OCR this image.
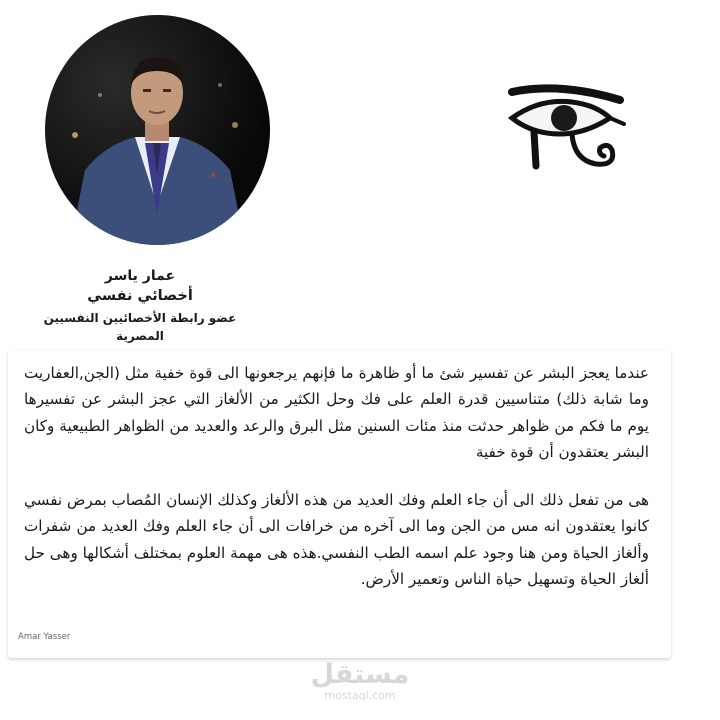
عمار ياسر
أخصائي نفسي
عضو رابطة الأخصائيين النفسيين المصرية

عندما يعجز البشر عن تفسير شئ ما أو ظاهرة ما فإنهم يرجعونها الى قوة خفية مثل (الجن,العفاريت وما شابة ذلك) متناسيين قدرة العلم على فك وحل الكثير من الألغاز التي عجز البشر عن تفسيرها يوم ما فكم من ظواهر حدثت منذ مئات السنين مثل البرق والرعد والعديد من الظواهر الطبيعية وكان البشر يعتقدون أن قوة خفية

هى من تفعل ذلك الى أن جاء العلم وفك العديد من هذه الألغاز وكذلك الإنسان المُصاب بمرض نفسي كانوا يعتقدون انه مس من الجن وما الى آخره من خرافات الى أن جاء العلم وفك العديد من شفرات وألغاز الحياة ومن هنا وجود علم اسمه الطب النفسي.هذه هى مهمة العلوم بمختلف أشكالها وهى حل ألغاز الحياة وتسهيل حياة الناس وتعمير الأرض.

Amar Yasser
مستقل
mostaql.com
